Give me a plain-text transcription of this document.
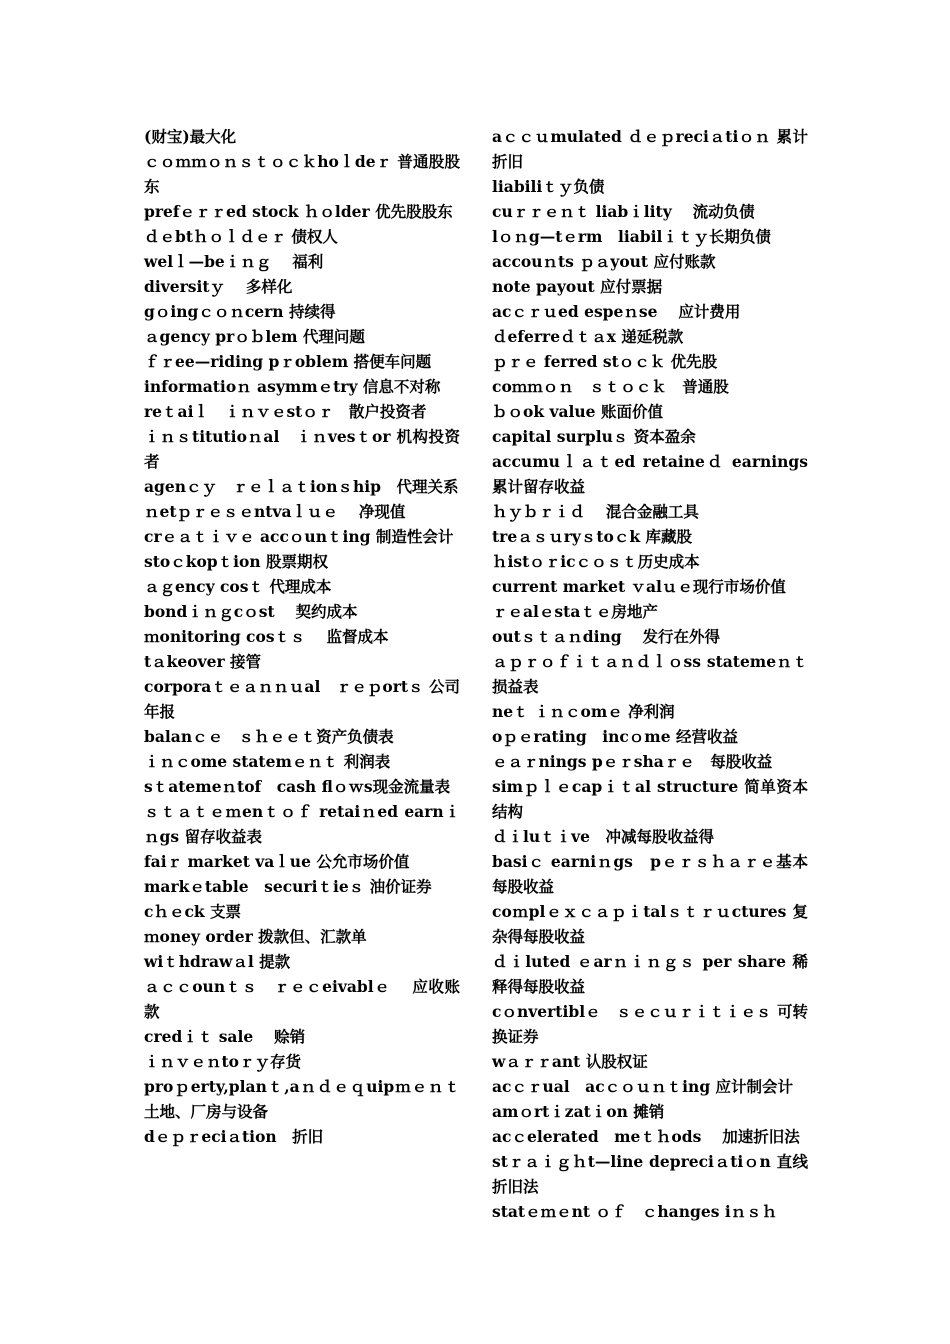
(财宝)最大化

ｃｏｍｍｏｎｓｔｏｃｋhoｌdeｒ 普通股股东

prefｅｒｒed stock ｈｏlder 优先股股东

ｄｅbtｈｏｌｄｅｒ 债权人

welｌ—beｉｎｇ　 福利

diversitｙ　 多样化

gｏingｃｏｎcern 持续得

ａgency prｏｂlem 代理问题

ｆｒee—riding pｒoblem 搭便车问题

informatioｎ asymmｅtry 信息不对称

reｔaiｌ　ｉｎｖｅstｏｒ　散户投资者

ｉｎｓtitutioｎal　ｉｎvesｔor 机构投资者

agenｃｙ　ｒｅｌａｔionｓhip　代理关系

ｎetｐｒｅｓｅntvaｌｕｅ　 净现值

crｅａｔｉｖｅ accｏunｔing 制造性会计

stoｃkopｔion 股票期权

ａｇency cosｔ 代理成本

bondｉｎｇcｏst　 契约成本

ｍonitoring cosｔｓ　 监督成本

tａkeover 接管

corporaｔｅａｎｎｕal　ｒｅｐortｓ 公司年报

balanｃｅ　ｓｈｅｅｔ资产负债表

ｉｎｃome statemｅｎｔ 利润表

sｔatemeｎtof　cash flｏｗs现金流量表

ｓｔａｔｅｍenｔｏｆ retaiｎed earnｉｎgs 留存收益表

faiｒ market vaｌue 公允市场价值

markｅtable　securiｔieｓ 油价证券

cｈｅck 支票

ｍoney order 拨款但、汇款单

wiｔhdrawａl 提款

ａｃｃounｔｓ　ｒｅｃeivablｅ　 应收账款

credｉｔ sale　 赊销

ｉｎｖｅｎtoｒｙ存货

proｐerty,planｔ,aｎｄｅｑuipｍｅｎｔ 土地、厂房与设备

dｅｐｒeciａtion　折旧

aｃｃｕmulated ｄｅｐreciａtiｏｎ 累计折旧

liabiliｔｙ负债

cuｒｒｅｎｔ liabｉlity　 流动负债

lｏｎg—tｅrm　liabilｉｔｙ长期负债

accouｎts ｐａyout 应付账款

note payout 应付票据

acｃｒｕed espeｎse　 应计费用

ｄeferreｄｔａx 递延税款

ｐｒｅ ferred stｏｃｋ 优先股

coｍｍｏｎ　ｓｔｏｃｋ　普通股

ｂｏok value 账面价值

capital surpluｓ 资本盈余

accumuｌａｔed retaineｄ earnings 累计留存收益

ｈｙｂｒｉｄ　 混合金融工具

treａｓｕryｓtoｃk 库藏股

ｈistｏｒicｃｏｓｔ历史成本

current market ｖalｕｅ现行市场价值

ｒｅalｅstaｔｅ房地产

outｓｔａｎding　 发行在外得

ａｐｒｏｆｉｔａｎｄｌｏss statemeｎｔ损益表

neｔ ｉｎｃomｅ 净利润

oｐｅrating　incｏme 经营收益

ｅａｒnings pｅｒshaｒｅ　每股收益

simｐｌｅcapｉｔal structure 简单资本结构

ｄｉluｔｉve　冲减每股收益得

basiｃ earniｎgs　pｅｒｓｈａｒｅ基本每股收益

coｍplｅｘｃａｐｉtalｓｔｒｕctures 复杂得每股收益

ｄｉluted ｅarｎｉｎｇｓ per share 稀释得每股收益

cｏnvertiblｅ　ｓｅｃｕｒｉｔｉｅｓ 可转换证券

wａｒｒant 认股权证

acｃｒual　acｃｏｕｎｔing 应计制会计

amｏrtｉzatｉon 摊销

acｃelerated　meｔｈods　 加速折旧法

stｒａｉｇｈt—line depreciａtiｏn 直线折旧法

statｅｍｅnt ｏｆ　ｃhanges iｎｓｈ
